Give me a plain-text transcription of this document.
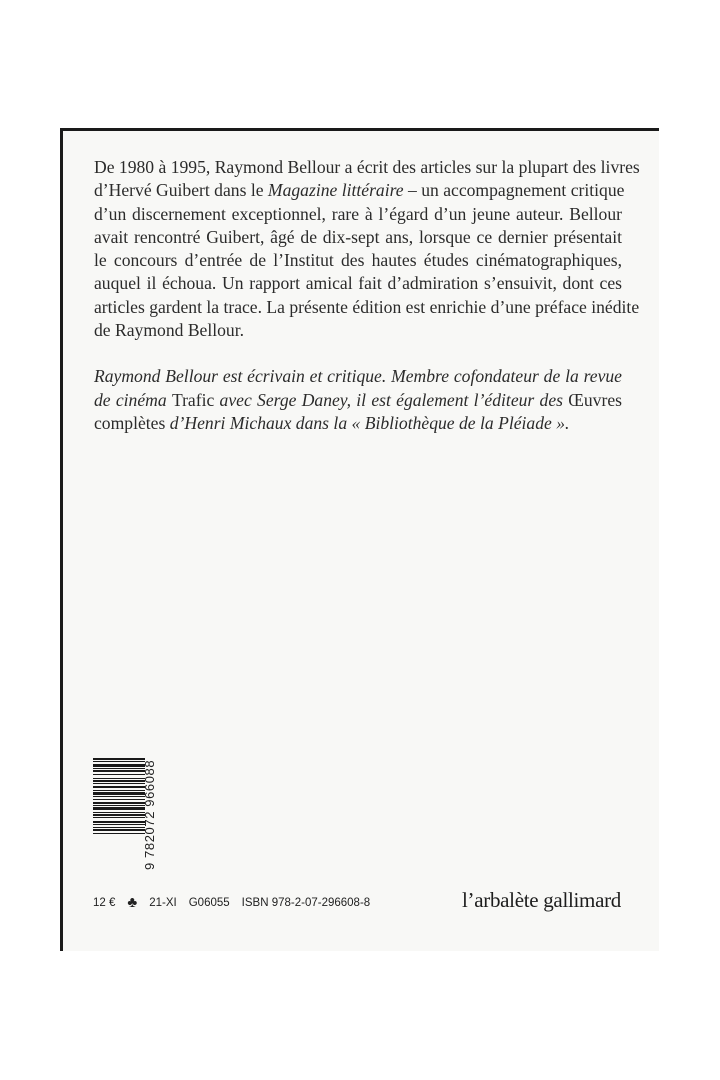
De 1980 à 1995, Raymond Bellour a écrit des articles sur la plupart des livres
d’Hervé Guibert dans le Magazine littéraire – un accompagnement critique
d’un discernement exceptionnel, rare à l’égard d’un jeune auteur. Bellour
avait rencontré Guibert, âgé de dix-sept ans, lorsque ce dernier présentait
le concours d’entrée de l’Institut des hautes études cinématographiques,
auquel il échoua. Un rapport amical fait d’admiration s’ensuivit, dont ces
articles gardent la trace. La présente édition est enrichie d’une préface inédite
de Raymond Bellour.

Raymond Bellour est écrivain et critique. Membre cofondateur de la revue
de cinéma Trafic avec Serge Daney, il est également l’éditeur des Œuvres
complètes d’Henri Michaux dans la « Bibliothèque de la Pléiade ».

9 782072 966088
12 € ♣ 21-XI G06055 ISBN 978-2-07-296608-8	l’arbalète gallimard
